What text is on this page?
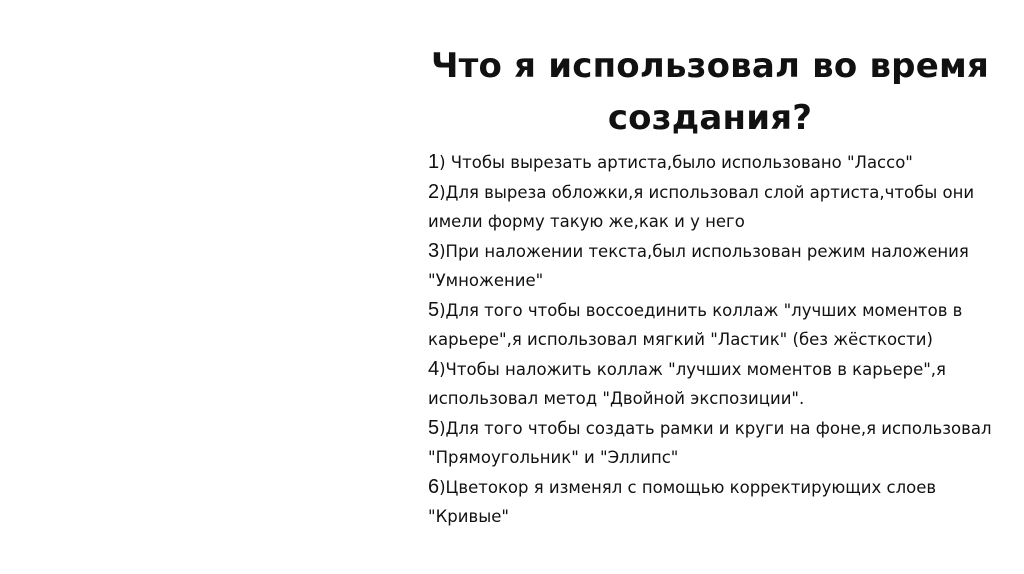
Что я использовал во время
создания?
1) Чтобы вырезать артиста,было использовано "Лассо"
2)Для выреза обложки,я использовал слой артиста,чтобы они
имели форму такую же,как и у него
3)При наложении текста,был использован режим наложения
"Умножение"
5)Для того чтобы воссоединить коллаж "лучших моментов в
карьере",я использовал мягкий "Ластик" (без жёсткости)
4)Чтобы наложить коллаж "лучших моментов в карьере",я
использовал метод "Двойной экспозиции".
5)Для того чтобы создать рамки и круги на фоне,я использовал
"Прямоугольник" и "Эллипс"
6)Цветокор я изменял с помощью корректирующих слоев
"Кривые"
